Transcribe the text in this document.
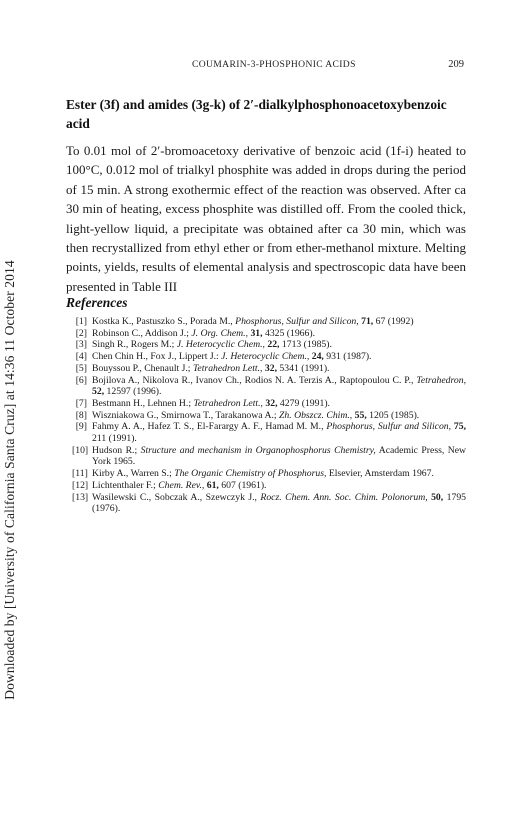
Downloaded by [University of California Santa Cruz] at 14:36 11 October 2014
COUMARIN-3-PHOSPHONIC ACIDS	209
Ester (3f) and amides (3g-k) of 2′-dialkylphosphonoacetoxybenzoic acid

To 0.01 mol of 2′-bromoacetoxy derivative of benzoic acid (1f-i) heated to 100°C, 0.012 mol of trialkyl phosphite was added in drops during the period of 15 min. A strong exothermic effect of the reaction was observed. After ca 30 min of heating, excess phosphite was distilled off. From the cooled thick, light-yellow liquid, a precipitate was obtained after ca 30 min, which was then recrystallized from ethyl ether or from ether-methanol mixture. Melting points, yields, results of elemental analysis and spectroscopic data have been presented in Table III

References
[ 1 ] Kostka K., Pastuszko S., Porada M., Phosphorus, Sulfur and Silicon, 71, 67 (1992)
[ 2 ] Robinson C., Addison J.; J. Org. Chem., 31, 4325 (1966).
[ 3 ] Singh R., Rogers M.; J. Heterocyclic Chem., 22, 1713 (1985).
[ 4 ] Chen Chin H., Fox J., Lippert J.: J. Heterocyclic Chem., 24, 931 (1987).
[ 5 ] Bouyssou P., Chenault J.; Tetrahedron Lett., 32, 5341 (1991).
[ 6 ] Bojilova A., Nikolova R., Ivanov Ch., Rodios N. A. Terzis A., Raptopoulou C. P., Tetrahedron, 52, 12597 (1996).
[ 7 ] Bestmann H., Lehnen H.; Tetrahedron Lett., 32, 4279 (1991).
[ 8 ] Wiszniakowa G., Smirnowa T., Tarakanowa A.; Zh. Obszcz. Chim., 55, 1205 (1985).
[ 9 ] Fahmy A. A., Hafez T. S., El-Farargy A. F., Hamad M. M., Phosphorus, Sulfur and Silicon, 75, 211 (1991).
[ 10 ] Hudson R.; Structure and mechanism in Organophosphorus Chemistry, Academic Press, New York 1965.
[ 11 ] Kirby A., Warren S.; The Organic Chemistry of Phosphorus, Elsevier, Amsterdam 1967.
[ 12 ] Lichtenthaler F.; Chem. Rev., 61, 607 (1961).
[ 13 ] Wasilewski C., Sobczak A., Szewczyk J., Rocz. Chem. Ann. Soc. Chim. Polonorum, 50, 1795 (1976).
